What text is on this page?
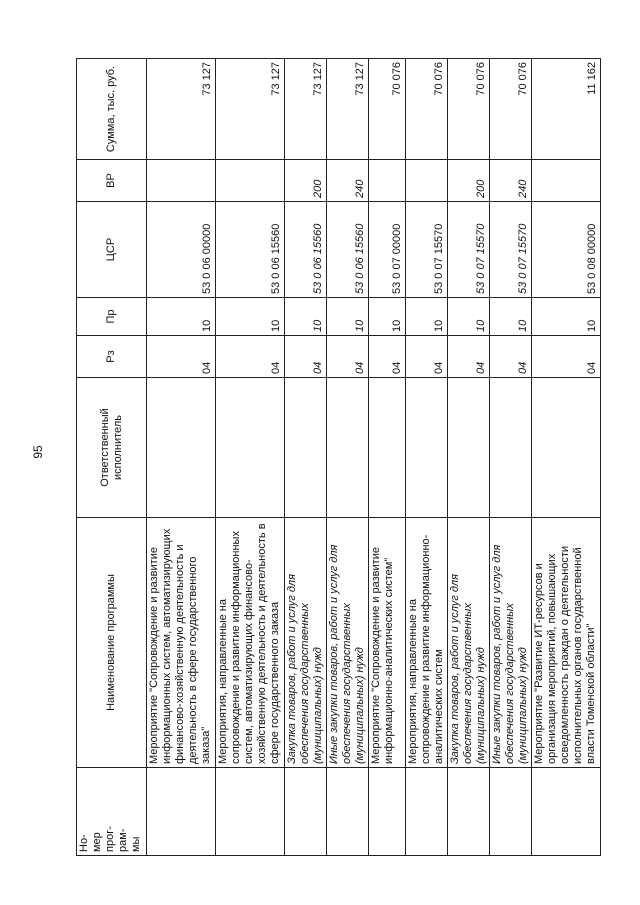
95
Но-
мер
прог-
рам-
мы	Наименование программы	Ответственный исполнитель	Рз	Пр	ЦСР	ВР	Сумма, тыс. руб.
	Мероприятие "Сопровождение и развитие информационных систем, автоматизирующих финансово-хозяйственную деятельность и деятельность в сфере государственного заказа"		04	10	53 0 06 00000		73 127
	Мероприятия, направленные на сопровождение и развитие информационных систем, автоматизирующих финансово-хозяйственную деятельность и деятельность в сфере государственного заказа		04	10	53 0 06 15560		73 127
	Закупка товаров, работ и услуг для обеспечения государственных (муниципальных) нужд		04	10	53 0 06 15560	200	73 127
	Иные закупки товаров, работ и услуг для обеспечения государственных (муниципальных) нужд		04	10	53 0 06 15560	240	73 127
	Мероприятие "Сопровождение и развитие информационно-аналитических систем"		04	10	53 0 07 00000		70 076
	Мероприятия, направленные на сопровождение и развитие информационно-аналитических систем		04	10	53 0 07 15570		70 076
	Закупка товаров, работ и услуг для обеспечения государственных (муниципальных) нужд		04	10	53 0 07 15570	200	70 076
	Иные закупки товаров, работ и услуг для обеспечения государственных (муниципальных) нужд		04	10	53 0 07 15570	240	70 076
	Мероприятие "Развитие ИТ-ресурсов и организация мероприятий, повышающих осведомленность граждан о деятельности исполнительных органов государственной власти Томенской области"		04	10	53 0 08 00000		11 162
